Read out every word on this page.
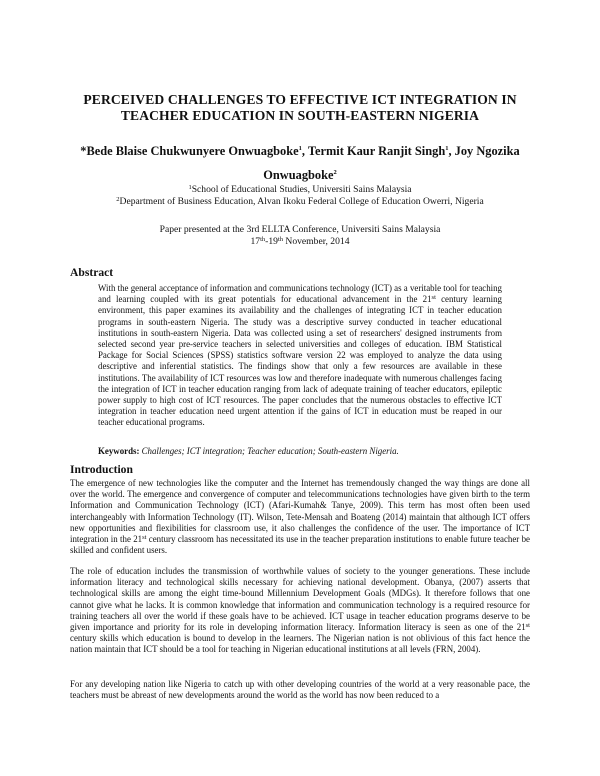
PERCEIVED CHALLENGES TO EFFECTIVE ICT INTEGRATION IN TEACHER EDUCATION IN SOUTH-EASTERN NIGERIA
*Bede Blaise Chukwunyere Onwuagboke$^1$, Termit Kaur Ranjit Singh$^1$, Joy Ngozika
Onwuagboke$^2$
$^1$School of Educational Studies, Universiti Sains Malaysia
$^2$Department of Business Education, Alvan Ikoku Federal College of Education Owerri, Nigeria
Paper presented at the 3rd ELLTA Conference, Universiti Sains Malaysia
17th-19th November, 2014
Abstract
With the general acceptance of information and communications technology (ICT) as a veritable tool for teaching and learning coupled with its great potentials for educational advancement in the 21st century learning environment, this paper examines its availability and the challenges of integrating ICT in teacher education programs in south-eastern Nigeria. The study was a descriptive survey conducted in teacher educational institutions in south-eastern Nigeria. Data was collected using a set of researchers' designed instruments from selected second year pre-service teachers in selected universities and colleges of education. IBM Statistical Package for Social Sciences (SPSS) statistics software version 22 was employed to analyze the data using descriptive and inferential statistics. The findings show that only a few resources are available in these institutions. The availability of ICT resources was low and therefore inadequate with numerous challenges facing the integration of ICT in teacher education ranging from lack of adequate training of teacher educators, epileptic power supply to high cost of ICT resources. The paper concludes that the numerous obstacles to effective ICT integration in teacher education need urgent attention if the gains of ICT in education must be reaped in our teacher educational programs.
Keywords: Challenges; ICT integration; Teacher education; South-eastern Nigeria.
Introduction
The emergence of new technologies like the computer and the Internet has tremendously changed the way things are done all over the world. The emergence and convergence of computer and telecommunications technologies have given birth to the term Information and Communication Technology (ICT) (Afari-Kumah& Tanye, 2009). This term has most often been used interchangeably with Information Technology (IT). Wilson, Tete-Mensah and Boateng (2014) maintain that although ICT offers new opportunities and flexibilities for classroom use, it also challenges the confidence of the user. The importance of ICT integration in the 21st century classroom has necessitated its use in the teacher preparation institutions to enable future teacher be skilled and confident users.
The role of education includes the transmission of worthwhile values of society to the younger generations. These include information literacy and technological skills necessary for achieving national development. Obanya, (2007) asserts that technological skills are among the eight time-bound Millennium Development Goals (MDGs). It therefore follows that one cannot give what he lacks. It is common knowledge that information and communication technology is a required resource for training teachers all over the world if these goals have to be achieved. ICT usage in teacher education programs deserve to be given importance and priority for its role in developing information literacy. Information literacy is seen as one of the 21st century skills which education is bound to develop in the learners. The Nigerian nation is not oblivious of this fact hence the nation maintain that ICT should be a tool for teaching in Nigerian educational institutions at all levels (FRN, 2004).
For any developing nation like Nigeria to catch up with other developing countries of the world at a very reasonable pace, the teachers must be abreast of new developments around the world as the world has now been reduced to a
